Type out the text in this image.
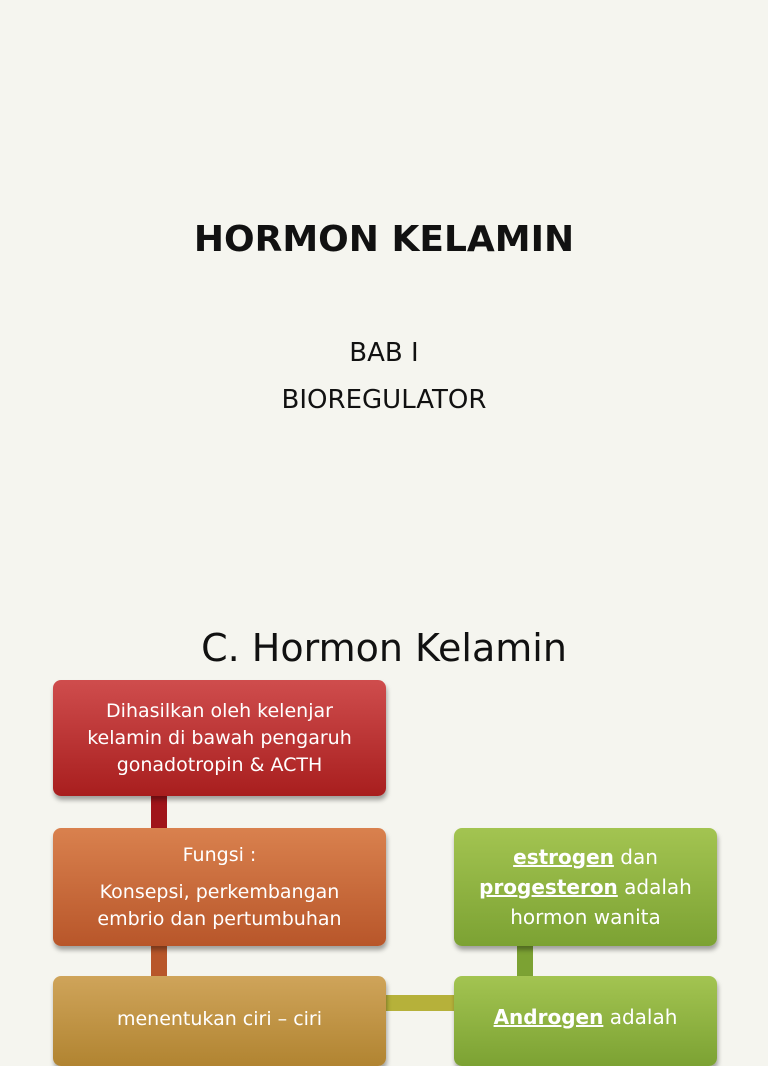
HORMON KELAMIN
BAB I
BIOREGULATOR
C. Hormon Kelamin
Dihasilkan oleh kelenjar
kelamin di bawah pengaruh
gonadotropin & ACTH
Fungsi :
Konsepsi, perkembangan
embrio dan pertumbuhan
estrogen dan
progesteron adalah
hormon wanita
menentukan ciri – ciri	Androgen adalah
